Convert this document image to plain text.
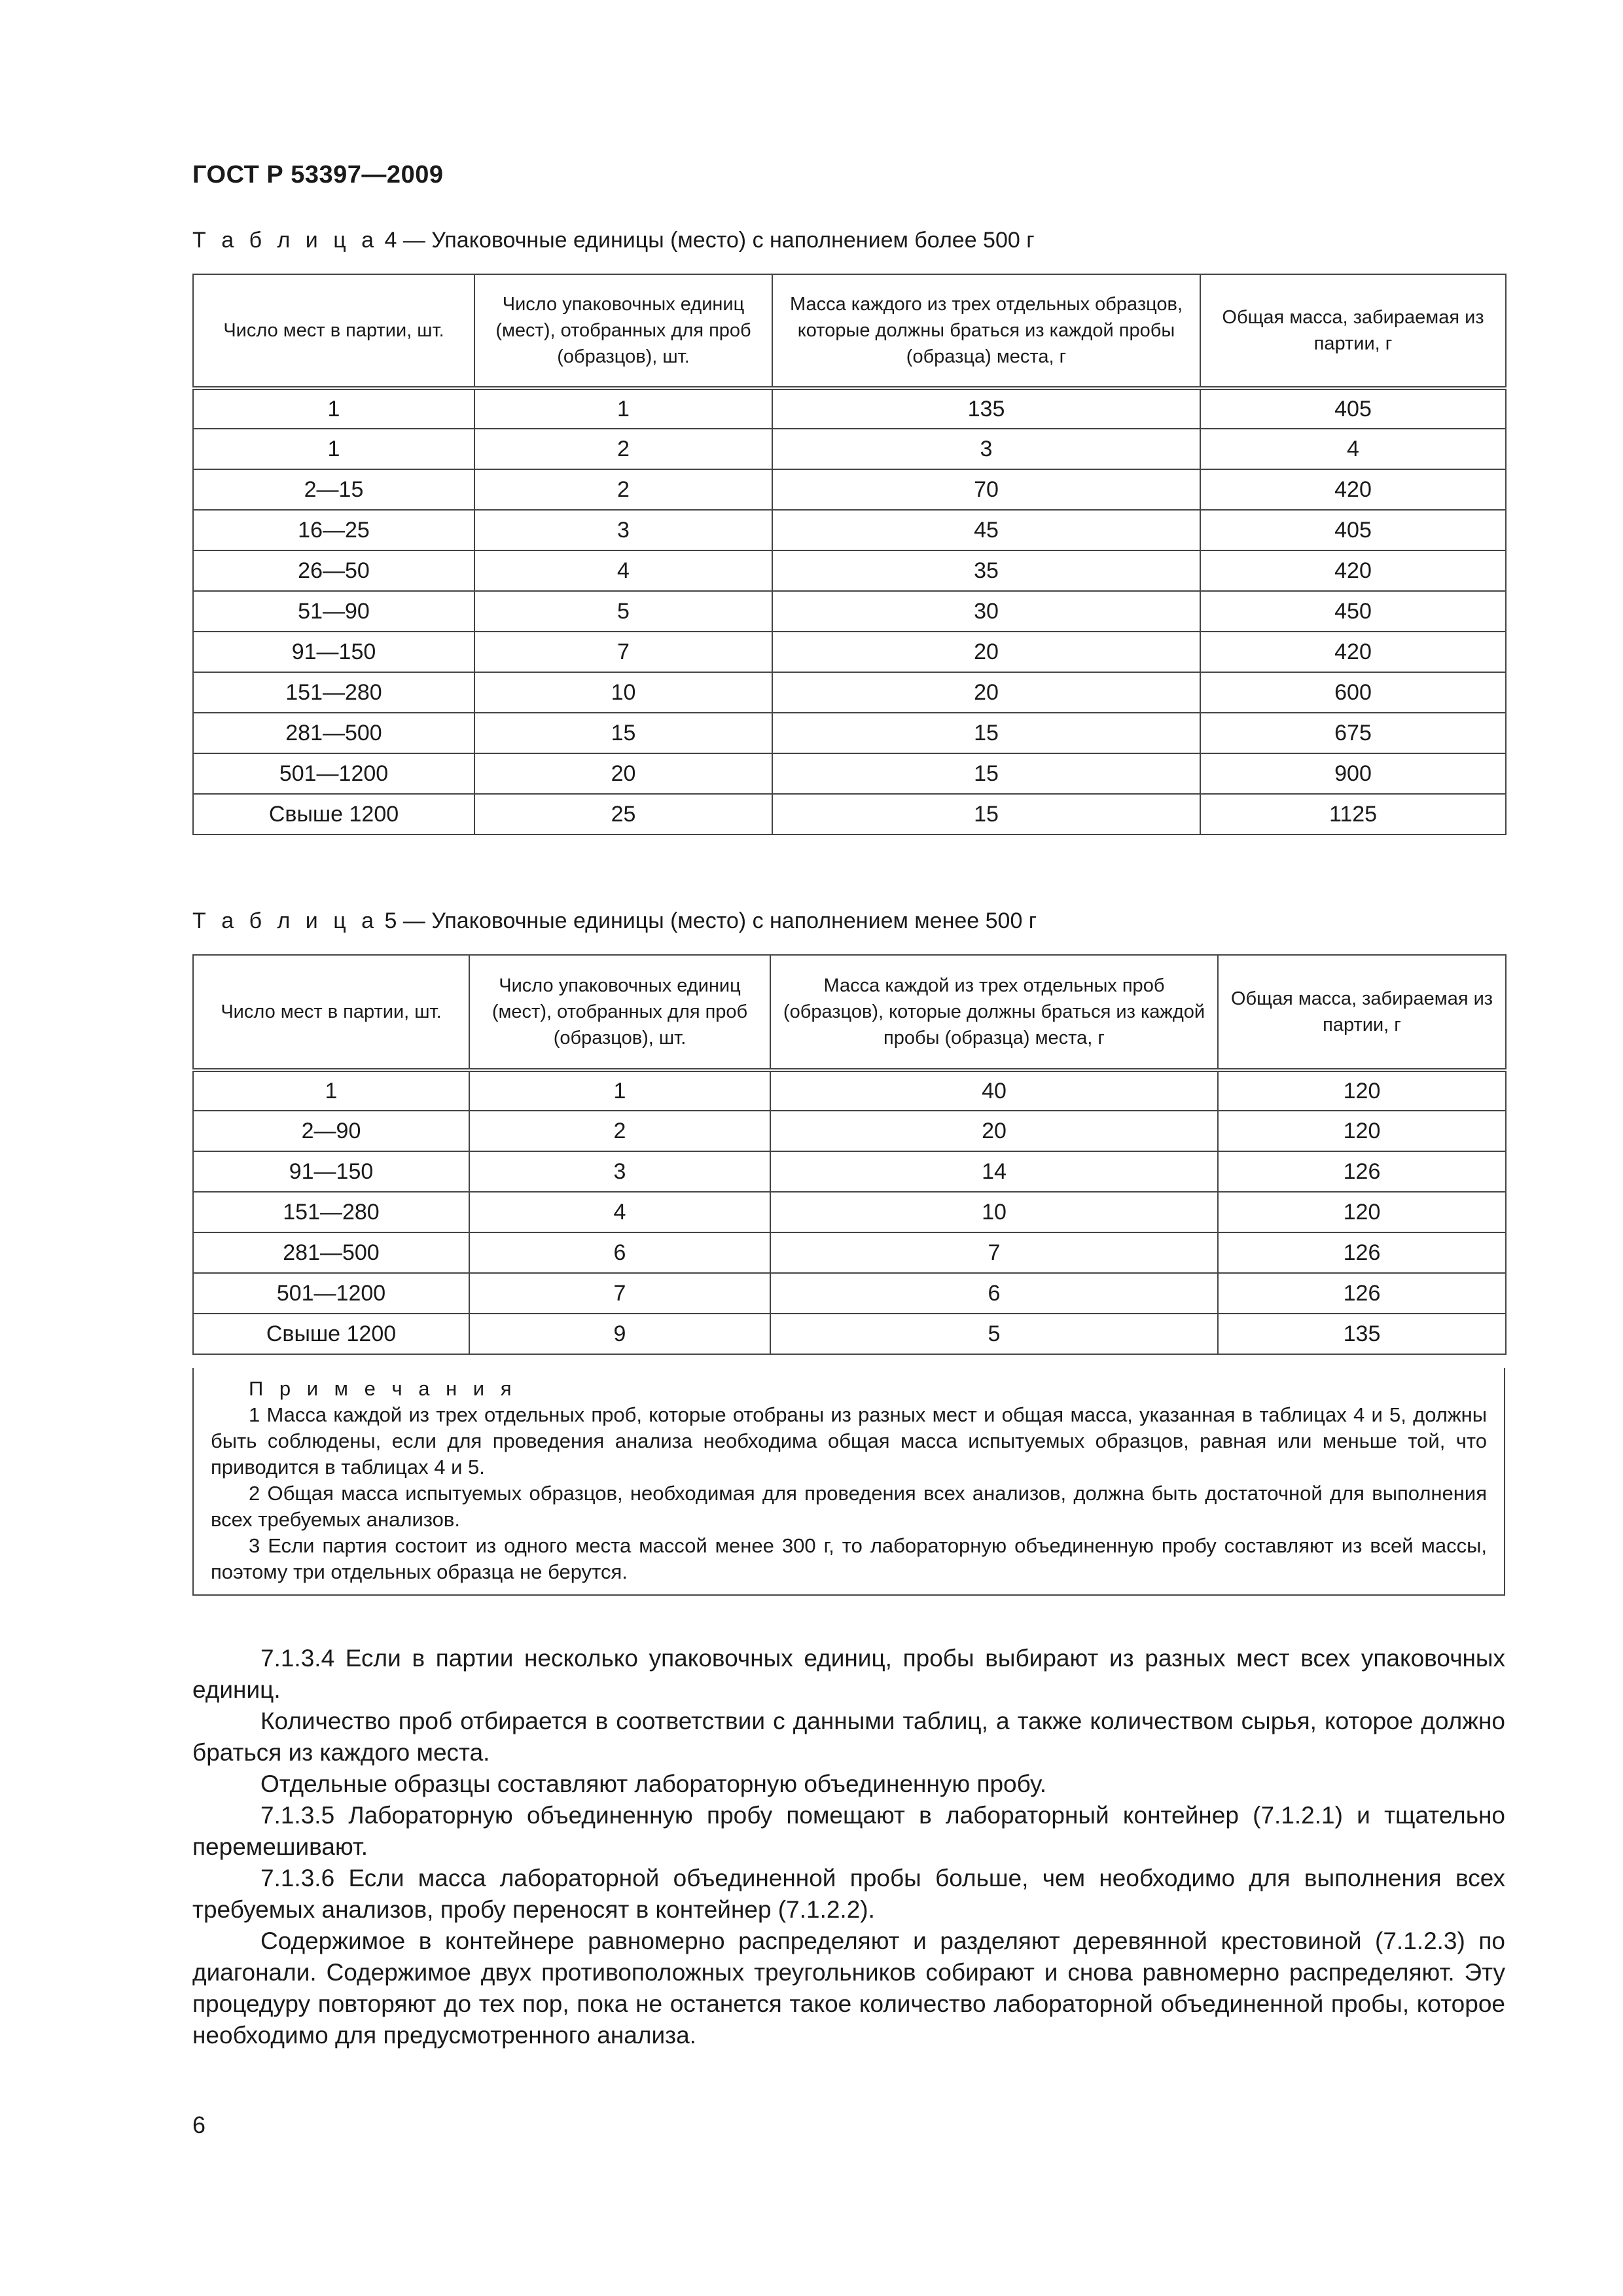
ГОСТ Р 53397—2009
Т а б л и ц а 4 — Упаковочные единицы (место) с наполнением более 500 г
Число мест в партии, шт.	Число упаковочных единиц (мест), отобранных для проб (образцов), шт.	Масса каждого из трех отдельных образцов, которые должны браться из каждой пробы (образца) места, г	Общая масса, забираемая из партии, г
1	1	135	405
1	2	3	4
2—15	2	70	420
16—25	3	45	405
26—50	4	35	420
51—90	5	30	450
91—150	7	20	420
151—280	10	20	600
281—500	15	15	675
501—1200	20	15	900
Свыше 1200	25	15	1125
Т а б л и ц а 5 — Упаковочные единицы (место) с наполнением менее 500 г
Число мест в партии, шт.	Число упаковочных единиц (мест), отобранных для проб (образцов), шт.	Масса каждой из трех отдельных проб (образцов), которые должны браться из каждой пробы (образца) места, г	Общая масса, забираемая из партии, г
1	1	40	120
2—90	2	20	120
91—150	3	14	126
151—280	4	10	120
281—500	6	7	126
501—1200	7	6	126
Свыше 1200	9	5	135
П р и м е ч а н и я

1 Масса каждой из трех отдельных проб, которые отобраны из разных мест и общая масса, указанная в таблицах 4 и 5, должны быть соблюдены, если для проведения анализа необходима общая масса испытуемых образцов, равная или меньше той, что приводится в таблицах 4 и 5.

2 Общая масса испытуемых образцов, необходимая для проведения всех анализов, должна быть достаточной для выполнения всех требуемых анализов.

3 Если партия состоит из одного места массой менее 300 г, то лабораторную объединенную пробу составляют из всей массы, поэтому три отдельных образца не берутся.

7.1.3.4 Если в партии несколько упаковочных единиц, пробы выбирают из разных мест всех упаковочных единиц.

Количество проб отбирается в соответствии с данными таблиц, а также количеством сырья, которое должно браться из каждого места.

Отдельные образцы составляют лабораторную объединенную пробу.

7.1.3.5 Лабораторную объединенную пробу помещают в лабораторный контейнер (7.1.2.1) и тщательно перемешивают.

7.1.3.6 Если масса лабораторной объединенной пробы больше, чем необходимо для выполнения всех требуемых анализов, пробу переносят в контейнер (7.1.2.2).

Содержимое в контейнере равномерно распределяют и разделяют деревянной крестовиной (7.1.2.3) по диагонали. Содержимое двух противоположных треугольников собирают и снова равномерно распределяют. Эту процедуру повторяют до тех пор, пока не останется такое количество лабораторной объединенной пробы, которое необходимо для предусмотренного анализа.

6
